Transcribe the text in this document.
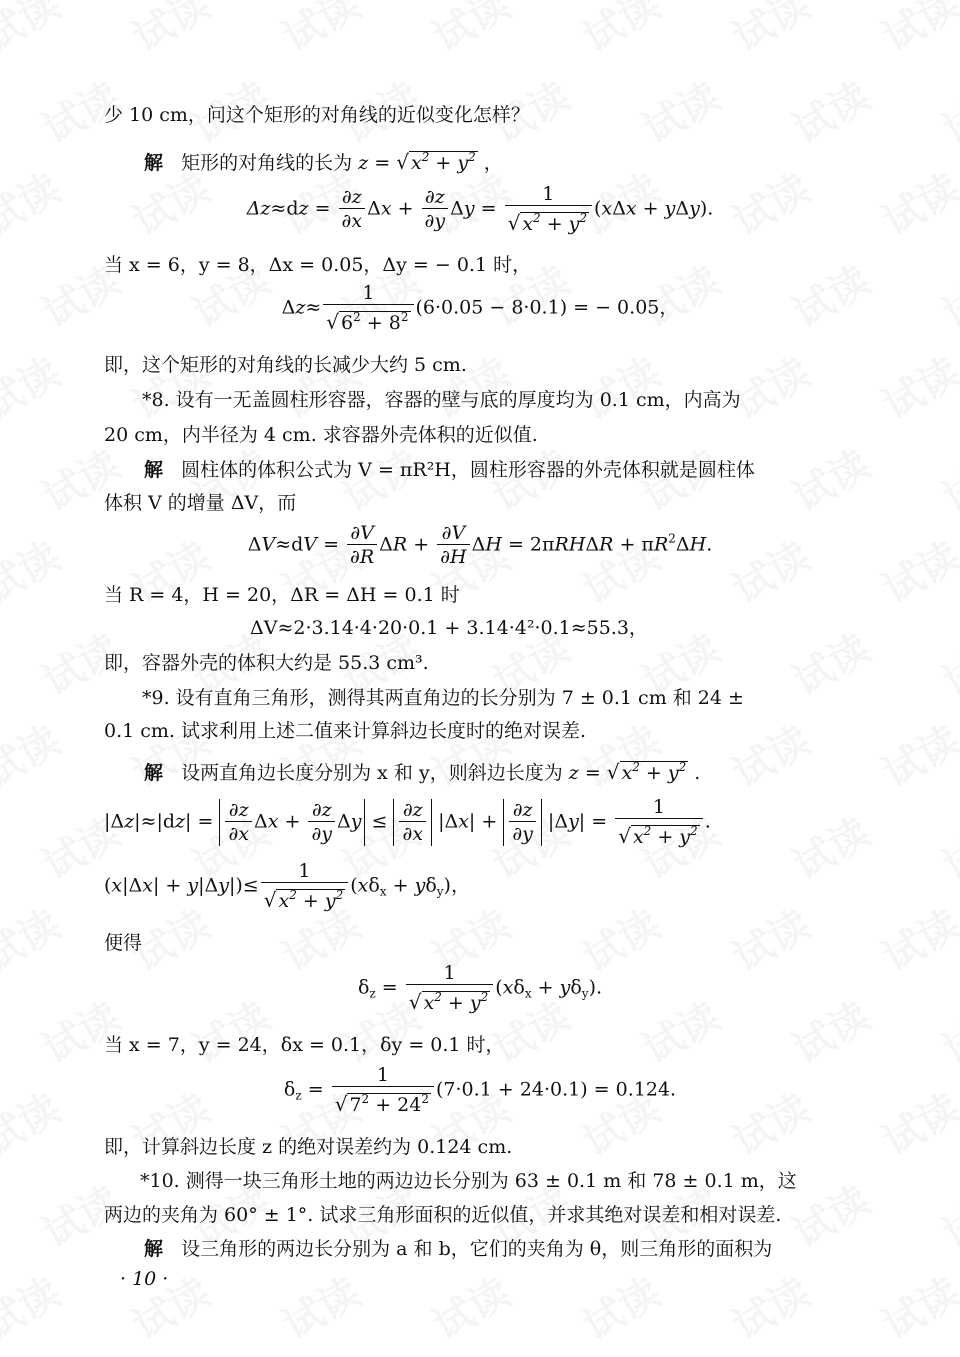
少 10 cm，问这个矩形的对角线的近似变化怎样？
解 矩形的对角线的长为 z = √ $x^2 + y^2$ ，
$\Delta z\approx dz = \frac{\partial z}{\partial x}$ $\Delta x + \frac{\partial z}{\partial y}$ $\Delta y = \frac{1}{√ x^2 + y^2} (x\Delta x + y\Delta y)$.
当 x = 6，y = 8，Δx = 0.05，Δy = − 0.1 时，
$\Delta z\approx \frac{1}{√ 6^2 + 8^2} (6\cdot 0.05 - 8\cdot 0.1)$ = − 0.05，
即，这个矩形的对角线的长减少大约 5 cm.
*8. 设有一无盖圆柱形容器，容器的壁与底的厚度均为 0.1 cm，内高为
20 cm，内半径为 4 cm. 求容器外壳体积的近似值.
解 圆柱体的体积公式为 V = πR²H，圆柱形容器的外壳体积就是圆柱体
体积 V 的增量 ΔV，而
$\Delta V\approx dV = \frac{\partial V}{\partial R}$ $\Delta R + \frac{\partial V}{\partial H}$ $\Delta H = 2\pi RH\Delta R + \pi R^2\Delta H$.
当 R = 4，H = 20，ΔR = ΔH = 0.1 时
ΔV≈2·3.14·4·20·0.1 + 3.14·4²·0.1≈55.3，
即，容器外壳的体积大约是 55.3 cm³.
*9. 设有直角三角形，测得其两直角边的长分别为 7 ± 0.1 cm 和 24 ±
0.1 cm. 试求利用上述二值来计算斜边长度时的绝对误差.
解 设两直角边长度分别为 x 和 y，则斜边长度为 z = √ $x^2 + y^2$ .
$|\Delta z|\approx|dz| = \frac{\partial z}{\partial x}$ $\Delta x + \frac{\partial z}{\partial y}$ $\Delta y \le \frac{\partial z}{\partial x} |\Delta x| + \frac{\partial z}{\partial y} |\Delta y| = \frac{1}{√ x^2 + y^2}$ .
$(x|\Delta x| + y|\Delta y|)\le \frac{1}{√ x^2 + y^2} (x\delta_x + y\delta_y)$，
便得
$\delta_z = \frac{1}{√ x^2 + y^2} (x\delta_x + y\delta_y)$.
当 x = 7，y = 24，δx = 0.1，δy = 0.1 时，
$\delta_z = \frac{1}{√ 7^2 + 24^2} (7\cdot 0.1 + 24\cdot 0.1) = 0.124$.
即，计算斜边长度 z 的绝对误差约为 0.124 cm.
*10. 测得一块三角形土地的两边边长分别为 63 ± 0.1 m 和 78 ± 0.1 m，这
两边的夹角为 60° ± 1°. 试求三角形面积的近似值，并求其绝对误差和相对误差.
解 设三角形的两边长分别为 a 和 b，它们的夹角为 θ，则三角形的面积为
· 10 ·
